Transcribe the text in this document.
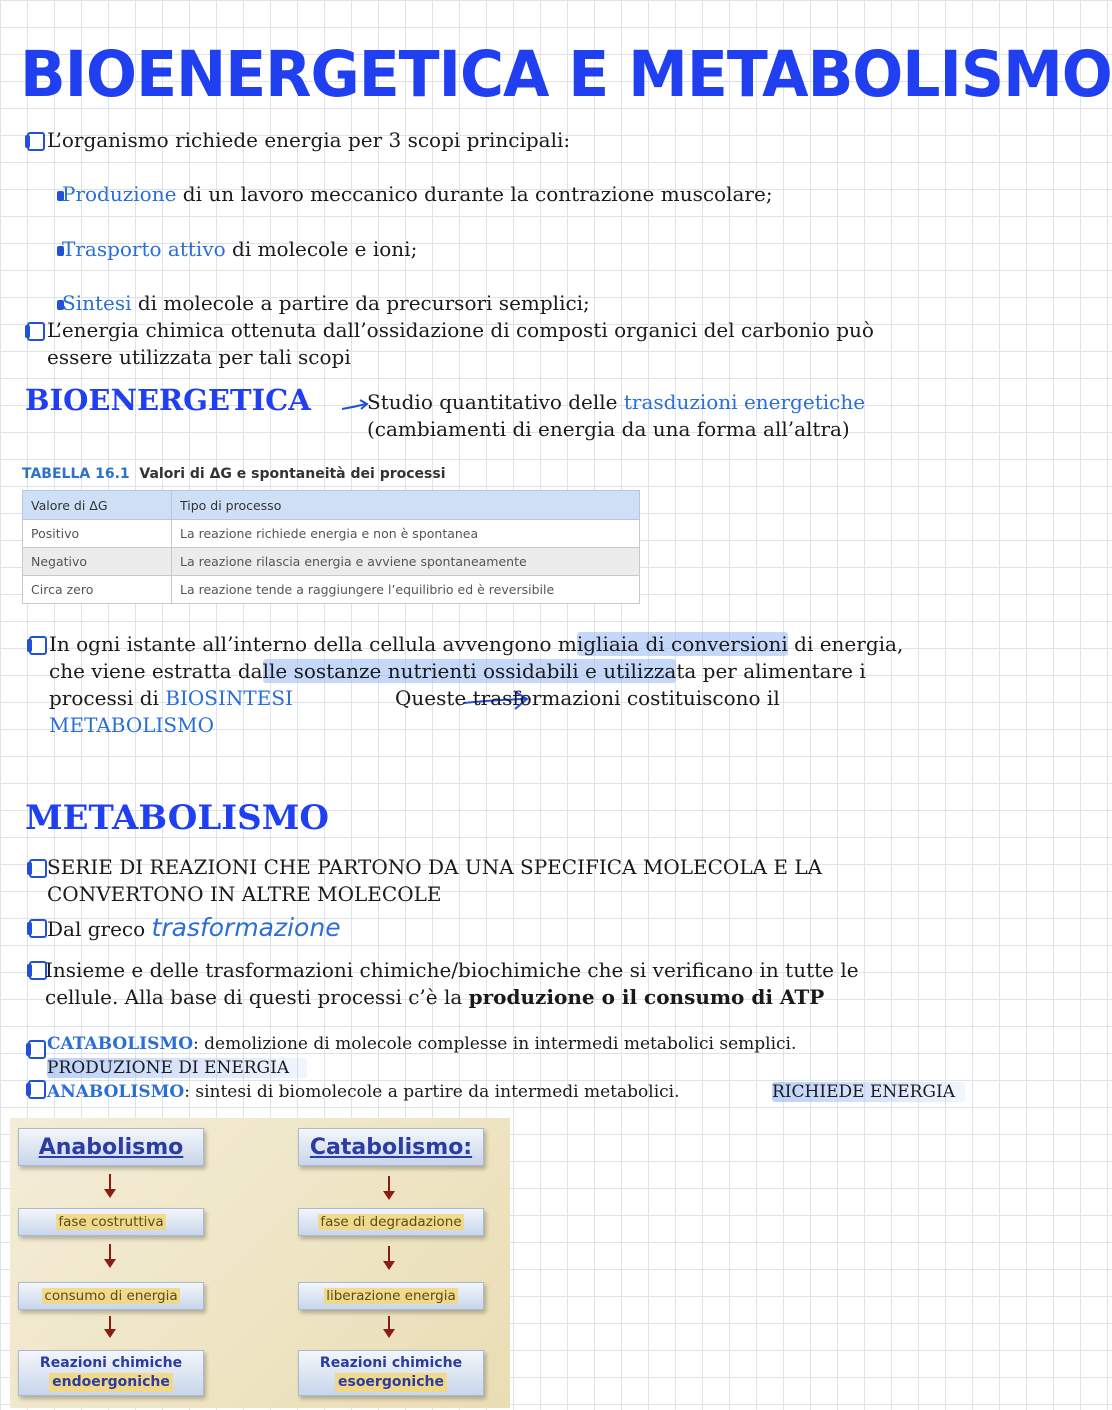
BIOENERGETICA E METABOLISMO
L’organismo richiede energia per 3 scopi principali:
Produzione di un lavoro meccanico durante la contrazione muscolare;
Trasporto attivo di molecole e ioni;
Sintesi di molecole a partire da precursori semplici;
L’energia chimica ottenuta dall’ossidazione di composti organici del carbonio può
essere utilizzata per tali scopi
BIOENERGETICA	Studio quantitativo delle trasduzioni energetiche
(cambiamenti di energia da una forma all’altra)
TABELLA 16.1 Valori di ΔG e spontaneità dei processi
Valore di ΔG	Tipo di processo
Positivo	La reazione richiede energia e non è spontanea
Negativo	La reazione rilascia energia e avviene spontaneamente
Circa zero	La reazione tende a raggiungere l’equilibrio ed è reversibile
In ogni istante all’interno della cellula avvengono migliaia di conversioni di energia,
che viene estratta dalle sostanze nutrienti ossidabili e utilizzata per alimentare i
processi di BIOSINTESI	Queste trasformazioni costituiscono il
METABOLISMO
METABOLISMO
SERIE DI REAZIONI CHE PARTONO DA UNA SPECIFICA MOLECOLA E LA
CONVERTONO IN ALTRE MOLECOLE
Dal greco trasformazione
Insieme e delle trasformazioni chimiche/biochimiche che si verificano in tutte le
cellule. Alla base di questi processi c’è la produzione o il consumo di ATP
CATABOLISMO: demolizione di molecole complesse in intermedi metabolici semplici.
PRODUZIONE DI ENERGIA
ANABOLISMO: sintesi di biomolecole a partire da intermedi metabolici.	RICHIEDE ENERGIA
Anabolismo
fase costruttiva
consumo di energia
Reazioni chimiche
endoergoniche
Catabolismo:
fase di degradazione
liberazione energia
Reazioni chimiche
esoergoniche
